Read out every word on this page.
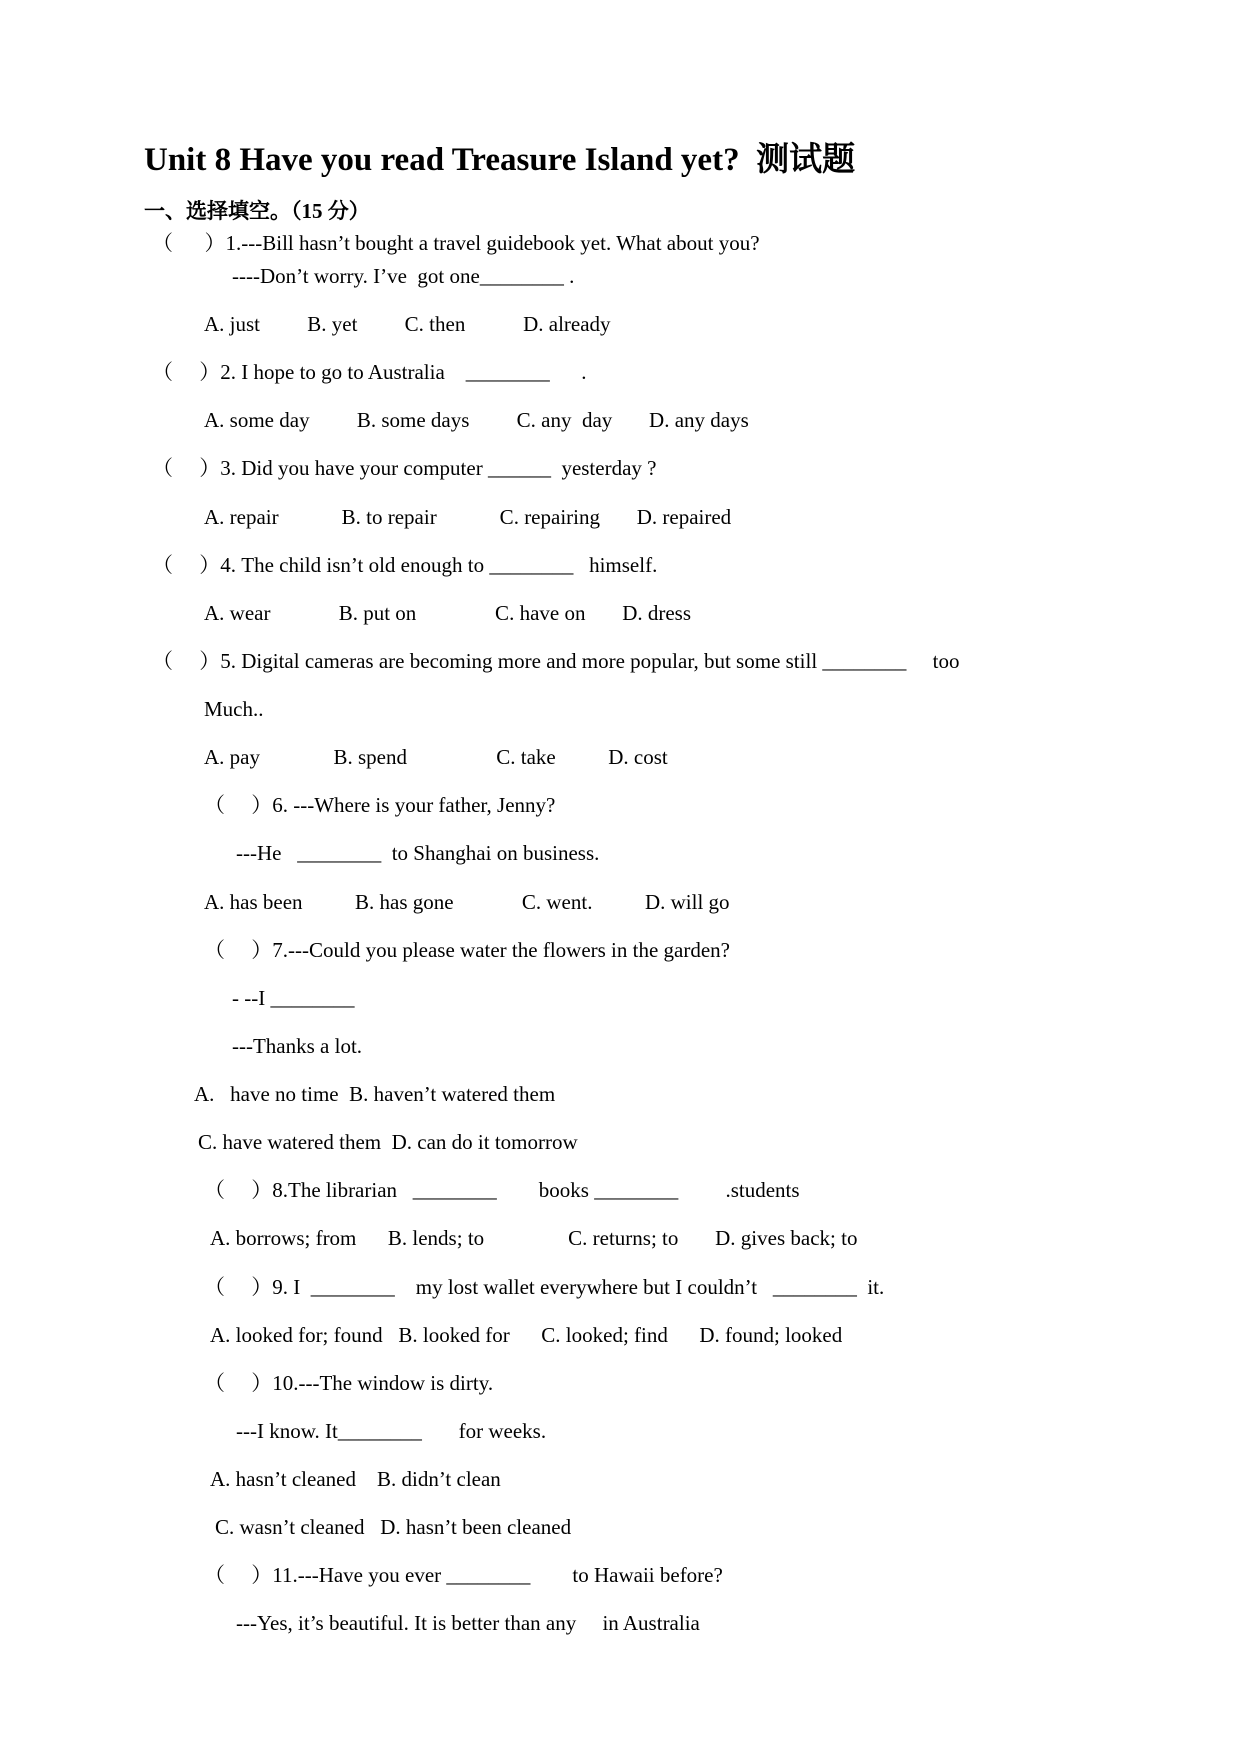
Unit 8 Have you read Treasure Island yet?  测试题
一、选择填空。（15 分）
（      ）1.---Bill hasn’t bought a travel guidebook yet. What about you?
----Don’t worry. I’ve  got one________ .
A. just         B. yet         C. then           D. already
（     ）2. I hope to go to Australia    ________      .
A. some day         B. some days         C. any  day       D. any days
（     ）3. Did you have your computer ______  yesterday ?
A. repair            B. to repair            C. repairing       D. repaired
（     ）4. The child isn’t old enough to ________   himself.
A. wear             B. put on               C. have on       D. dress
（     ）5. Digital cameras are becoming more and more popular, but some still ________     too
Much..
A. pay              B. spend                 C. take          D. cost
（     ）6. ---Where is your father, Jenny?
---He   ________  to Shanghai on business.
A. has been          B. has gone             C. went.          D. will go
（     ）7.---Could you please water the flowers in the garden?
- --I ________
---Thanks a lot.
A.   have no time  B. haven’t watered them
C. have watered them  D. can do it tomorrow
（     ）8.The librarian   ________        books ________         .students
A. borrows; from      B. lends; to                C. returns; to       D. gives back; to
（     ）9. I  ________    my lost wallet everywhere but I couldn’t   ________  it.
A. looked for; found   B. looked for      C. looked; find      D. found; looked
（     ）10.---The window is dirty.
---I know. It________       for weeks.
A. hasn’t cleaned    B. didn’t clean
C. wasn’t cleaned   D. hasn’t been cleaned
（     ）11.---Have you ever ________        to Hawaii before?
---Yes, it’s beautiful. It is better than any     in Australia
